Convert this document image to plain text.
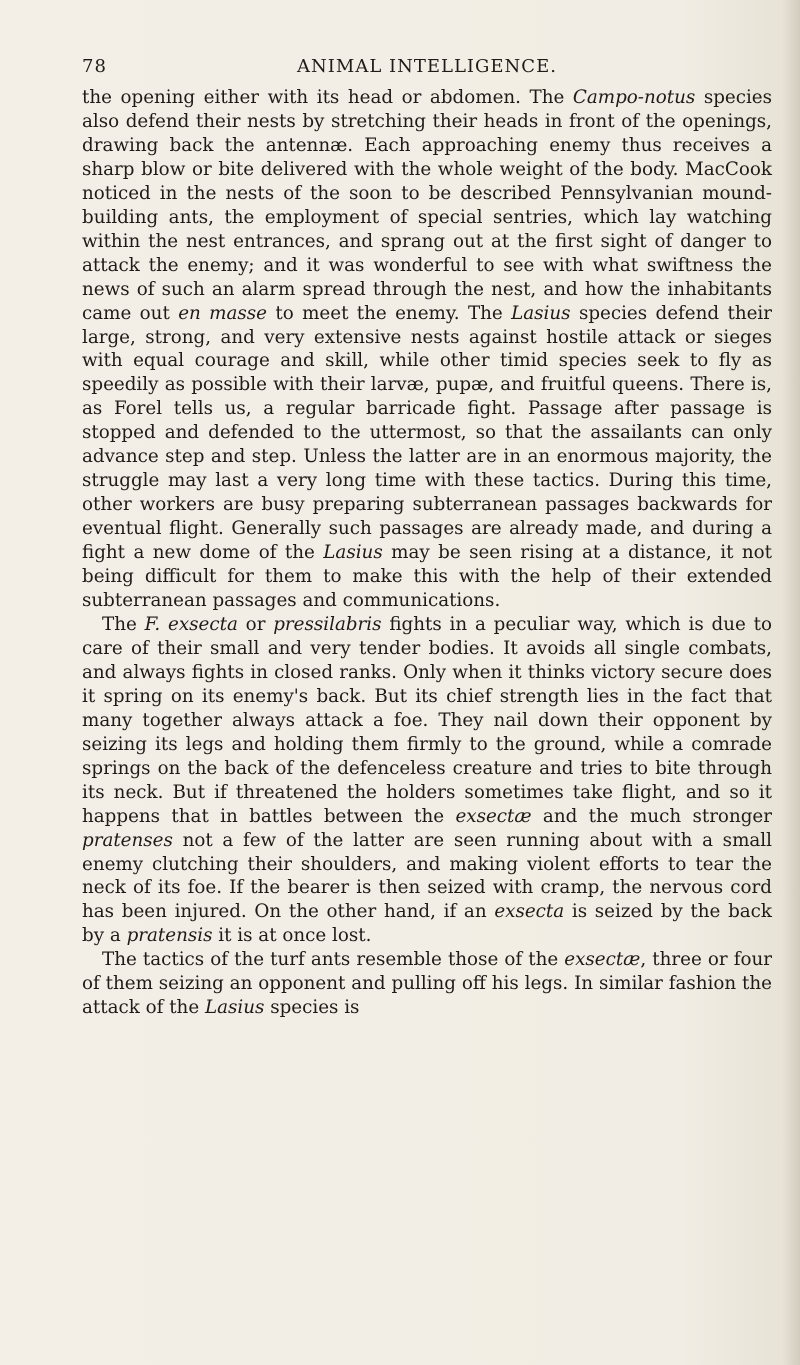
78	ANIMAL INTELLIGENCE.

the opening either with its head or abdomen. The Campo-notus species also defend their nests by stretching their heads in front of the openings, drawing back the antennæ. Each approaching enemy thus receives a sharp blow or bite delivered with the whole weight of the body. MacCook noticed in the nests of the soon to be described Pennsylvanian mound-building ants, the employment of special sentries, which lay watching within the nest entrances, and sprang out at the first sight of danger to attack the enemy; and it was wonderful to see with what swiftness the news of such an alarm spread through the nest, and how the inhabitants came out en masse to meet the enemy. The Lasius species defend their large, strong, and very extensive nests against hostile attack or sieges with equal courage and skill, while other timid species seek to fly as speedily as possible with their larvæ, pupæ, and fruitful queens. There is, as Forel tells us, a regular barricade fight. Passage after passage is stopped and defended to the uttermost, so that the assailants can only advance step and step. Unless the latter are in an enormous majority, the struggle may last a very long time with these tactics. During this time, other workers are busy preparing subterranean passages backwards for eventual flight. Generally such passages are already made, and during a fight a new dome of the Lasius may be seen rising at a distance, it not being difficult for them to make this with the help of their extended subterranean passages and communications.

The F. exsecta or pressilabris fights in a peculiar way, which is due to care of their small and very tender bodies. It avoids all single combats, and always fights in closed ranks. Only when it thinks victory secure does it spring on its enemy's back. But its chief strength lies in the fact that many together always attack a foe. They nail down their opponent by seizing its legs and holding them firmly to the ground, while a comrade springs on the back of the defenceless creature and tries to bite through its neck. But if threatened the holders sometimes take flight, and so it happens that in battles between the exsectæ and the much stronger pratenses not a few of the latter are seen running about with a small enemy clutching their shoulders, and making violent efforts to tear the neck of its foe. If the bearer is then seized with cramp, the nervous cord has been injured. On the other hand, if an exsecta is seized by the back by a pratensis it is at once lost.

The tactics of the turf ants resemble those of the exsectæ, three or four of them seizing an opponent and pulling off his legs. In similar fashion the attack of the Lasius species is
